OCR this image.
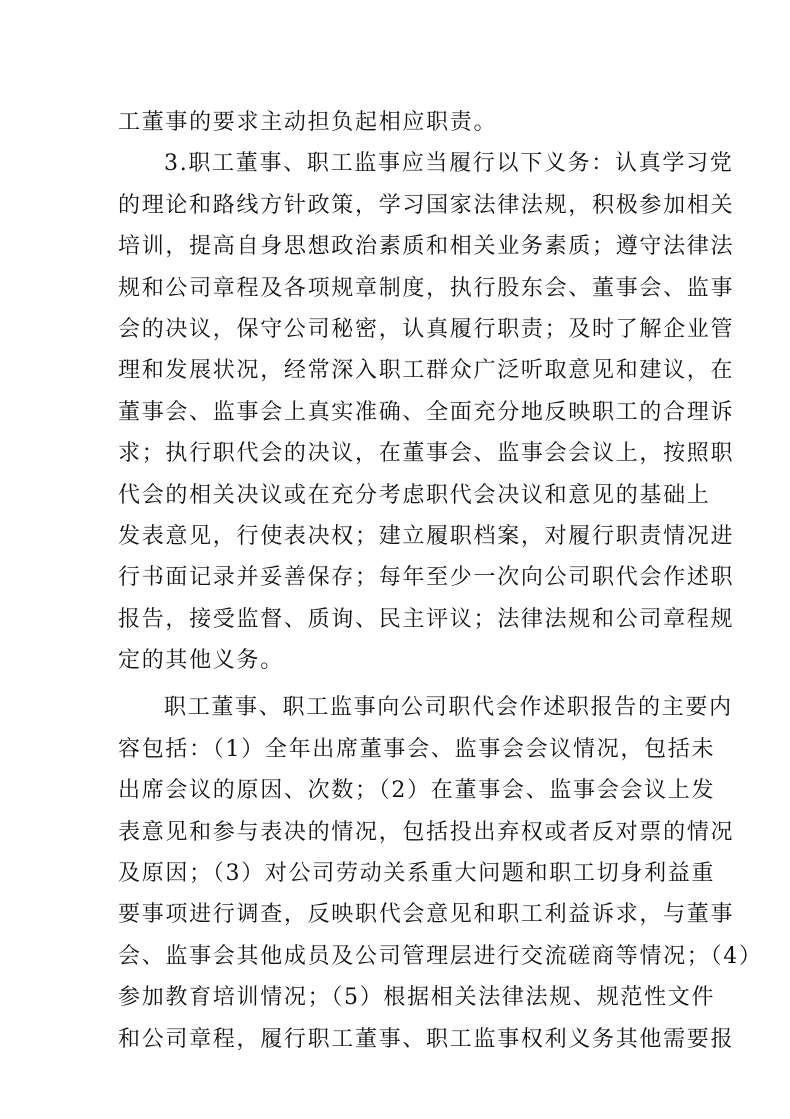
工董事的要求主动担负起相应职责。
3.职工董事、职工监事应当履行以下义务：认真学习党
的理论和路线方针政策，学习国家法律法规，积极参加相关
培训，提高自身思想政治素质和相关业务素质；遵守法律法
规和公司章程及各项规章制度，执行股东会、董事会、监事
会的决议，保守公司秘密，认真履行职责；及时了解企业管
理和发展状况，经常深入职工群众广泛听取意见和建议，在
董事会、监事会上真实准确、全面充分地反映职工的合理诉
求；执行职代会的决议，在董事会、监事会会议上，按照职
代会的相关决议或在充分考虑职代会决议和意见的基础上
发表意见，行使表决权；建立履职档案，对履行职责情况进
行书面记录并妥善保存；每年至少一次向公司职代会作述职
报告，接受监督、质询、民主评议；法律法规和公司章程规
定的其他义务。
职工董事、职工监事向公司职代会作述职报告的主要内
容包括：（1）全年出席董事会、监事会会议情况，包括未
出席会议的原因、次数；（2）在董事会、监事会会议上发
表意见和参与表决的情况，包括投出弃权或者反对票的情况
及原因；（3）对公司劳动关系重大问题和职工切身利益重
要事项进行调查，反映职代会意见和职工利益诉求，与董事
会、监事会其他成员及公司管理层进行交流磋商等情况；（4）
参加教育培训情况；（5）根据相关法律法规、规范性文件
和公司章程，履行职工董事、职工监事权利义务其他需要报
